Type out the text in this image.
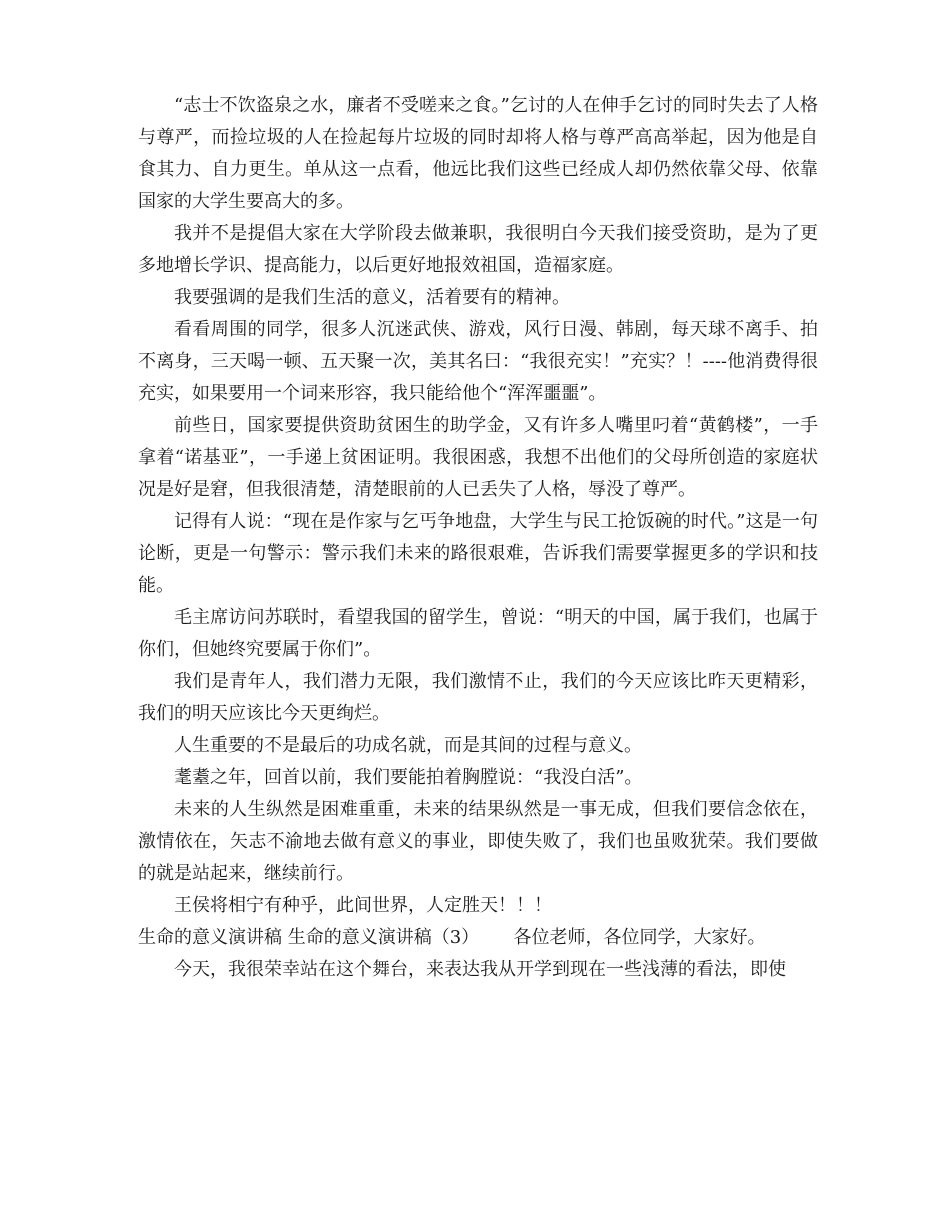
“志士不饮盗泉之水，廉者不受嗟来之食。”乞讨的人在伸手乞讨的同时失去了人格与尊严，而捡垃圾的人在捡起每片垃圾的同时却将人格与尊严高高举起，因为他是自食其力、自力更生。单从这一点看，他远比我们这些已经成人却仍然依靠父母、依靠国家的大学生要高大的多。

我并不是提倡大家在大学阶段去做兼职，我很明白今天我们接受资助，是为了更多地增长学识、提高能力，以后更好地报效祖国，造福家庭。

我要强调的是我们生活的意义，活着要有的精神。

看看周围的同学，很多人沉迷武侠、游戏，风行日漫、韩剧，每天球不离手、拍不离身，三天喝一顿、五天聚一次，美其名曰：“我很充实！”充实？！----他消费得很充实，如果要用一个词来形容，我只能给他个“浑浑噩噩”。

前些日，国家要提供资助贫困生的助学金，又有许多人嘴里叼着“黄鹤楼”，一手拿着“诺基亚”，一手递上贫困证明。我很困惑，我想不出他们的父母所创造的家庭状况是好是窘，但我很清楚，清楚眼前的人已丢失了人格，辱没了尊严。

记得有人说：“现在是作家与乞丐争地盘，大学生与民工抢饭碗的时代。”这是一句论断，更是一句警示：警示我们未来的路很艰难，告诉我们需要掌握更多的学识和技能。

毛主席访问苏联时，看望我国的留学生，曾说：“明天的中国，属于我们，也属于你们，但她终究要属于你们”。

我们是青年人，我们潜力无限，我们激情不止，我们的今天应该比昨天更精彩，我们的明天应该比今天更绚烂。

人生重要的不是最后的功成名就，而是其间的过程与意义。

耄耋之年，回首以前，我们要能拍着胸膛说：“我没白活”。

未来的人生纵然是困难重重，未来的结果纵然是一事无成，但我们要信念依在，激情依在，矢志不渝地去做有意义的事业，即使失败了，我们也虽败犹荣。我们要做的就是站起来，继续前行。

王侯将相宁有种乎，此间世界，人定胜天！！！

生命的意义演讲稿 生命的意义演讲稿（3）      各位老师，各位同学，大家好。

今天，我很荣幸站在这个舞台，来表达我从开学到现在一些浅薄的看法，即使
